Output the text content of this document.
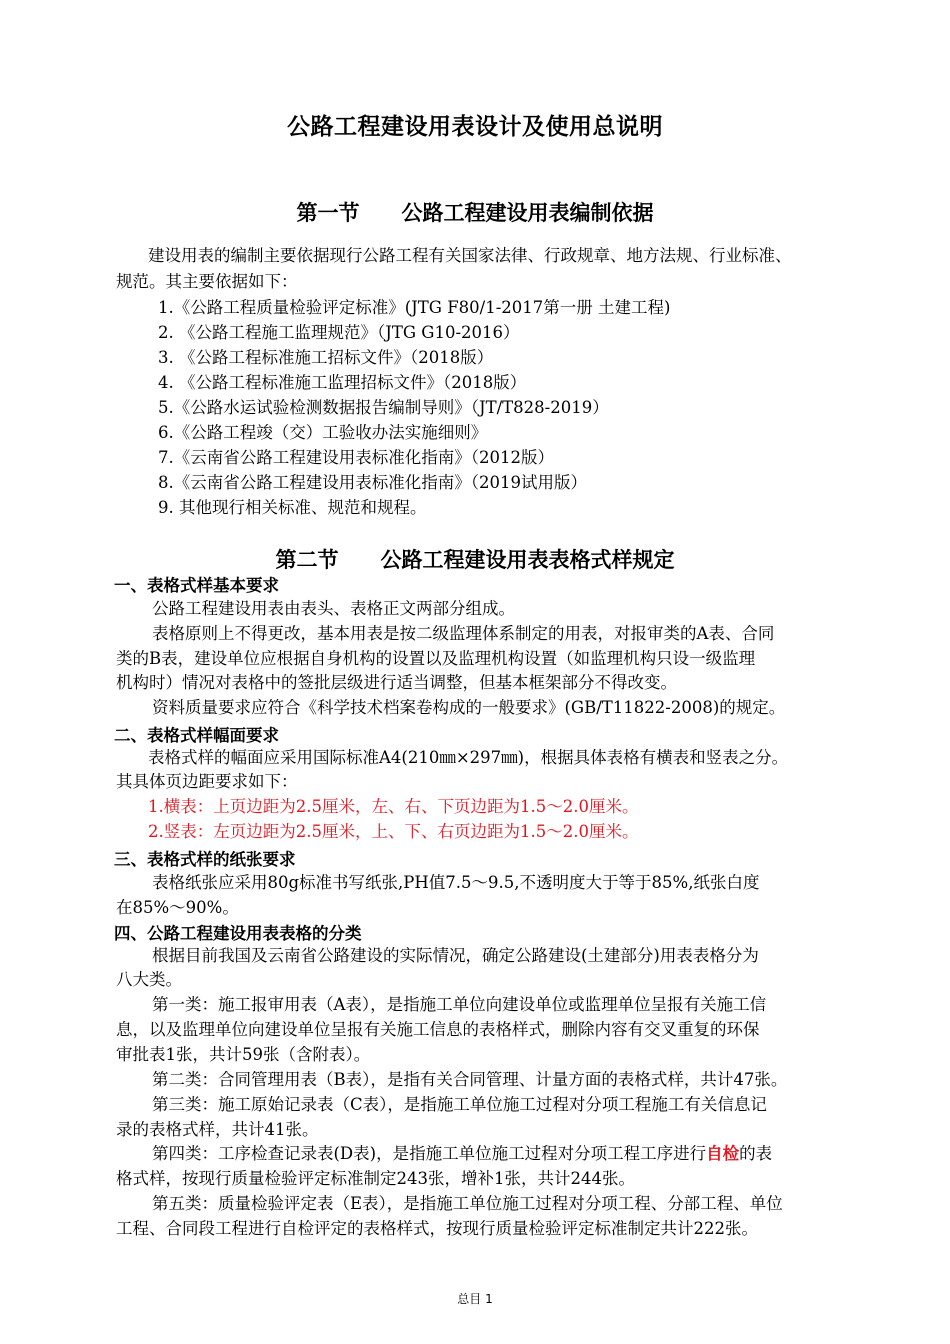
公路工程建设用表设计及使用总说明
第一节　　公路工程建设用表编制依据

建设用表的编制主要依据现行公路工程有关国家法律、行政规章、地方法规、行业标准、

规范。其主要依据如下：

1.《公路工程质量检验评定标准》(JTG F80/1-2017第一册 土建工程)

2. 《公路工程施工监理规范》（JTG G10-2016）

3. 《公路工程标准施工招标文件》（2018版）

4. 《公路工程标准施工监理招标文件》（2018版）

5.《公路水运试验检测数据报告编制导则》（JT/T828-2019）

6.《公路工程竣（交）工验收办法实施细则》

7.《云南省公路工程建设用表标准化指南》（2012版）

8.《云南省公路工程建设用表标准化指南》（2019试用版）

9. 其他现行相关标准、规范和规程。

第二节　　公路工程建设用表表格式样规定

一、表格式样基本要求

公路工程建设用表由表头、表格正文两部分组成。

表格原则上不得更改，基本用表是按二级监理体系制定的用表，对报审类的A表、合同

类的B表，建设单位应根据自身机构的设置以及监理机构设置（如监理机构只设一级监理

机构时）情况对表格中的签批层级进行适当调整，但基本框架部分不得改变。

资料质量要求应符合《科学技术档案卷构成的一般要求》(GB/T11822-2008)的规定。

二、表格式样幅面要求

表格式样的幅面应采用国际标准A4(210㎜×297㎜)，根据具体表格有横表和竖表之分。

其具体页边距要求如下：

1.横表：上页边距为2.5厘米，左、右、下页边距为1.5～2.0厘米。

2.竖表：左页边距为2.5厘米，上、下、右页边距为1.5～2.0厘米。

三、表格式样的纸张要求

表格纸张应采用80g标准书写纸张,PH值7.5～9.5,不透明度大于等于85%,纸张白度

在85%～90%。

四、公路工程建设用表表格的分类

根据目前我国及云南省公路建设的实际情况，确定公路建设(土建部分)用表表格分为

八大类。

第一类：施工报审用表（A表），是指施工单位向建设单位或监理单位呈报有关施工信

息，以及监理单位向建设单位呈报有关施工信息的表格样式，删除内容有交叉重复的环保

审批表1张，共计59张（含附表）。

第二类：合同管理用表（B表），是指有关合同管理、计量方面的表格式样，共计47张。

第三类：施工原始记录表（C表），是指施工单位施工过程对分项工程施工有关信息记

录的表格式样，共计41张。

第四类：工序检查记录表(D表)，是指施工单位施工过程对分项工程工序进行自检的表

格式样，按现行质量检验评定标准制定243张，增补1张，共计244张。

第五类：质量检验评定表（E表），是指施工单位施工过程对分项工程、分部工程、单位

工程、合同段工程进行自检评定的表格样式，按现行质量检验评定标准制定共计222张。

总目 1
